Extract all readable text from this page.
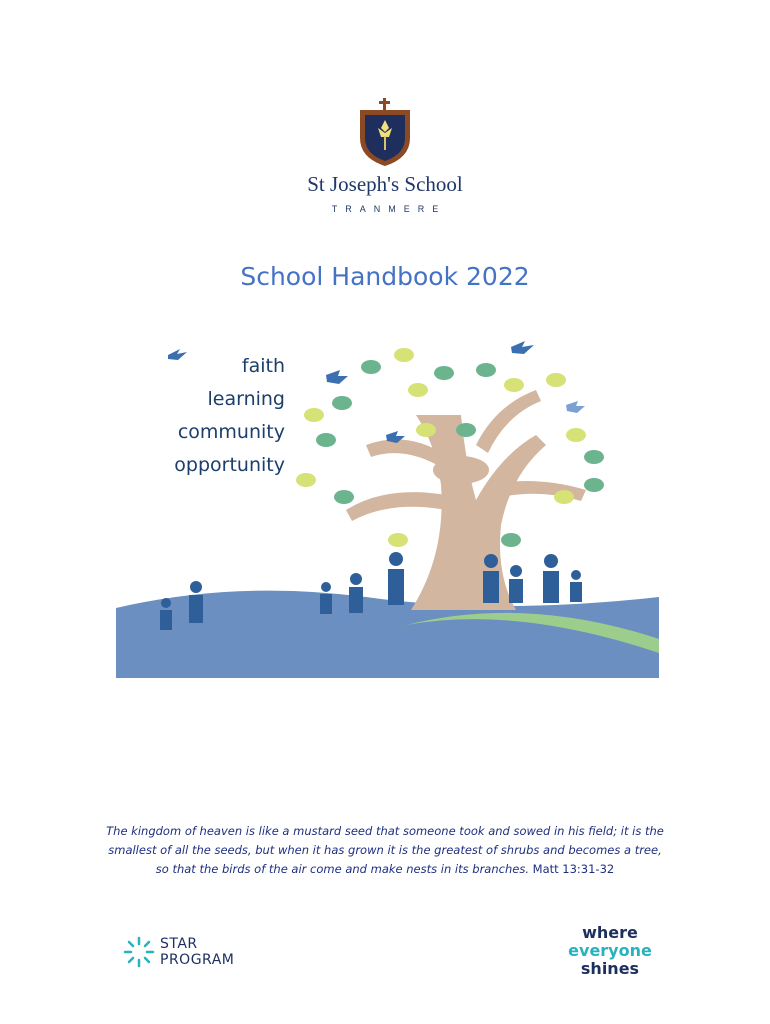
St Joseph's School
TRANMERE
School Handbook 2022
faith
learning
community
opportunity
The kingdom of heaven is like a mustard seed that someone took and sowed in his field; it is the smallest of all the seeds, but when it has grown it is the greatest of shrubs and becomes a tree, so that the birds of the air come and make nests in its branches. Matt 13:31-32
STAR
PROGRAM
where
everyone
shines
